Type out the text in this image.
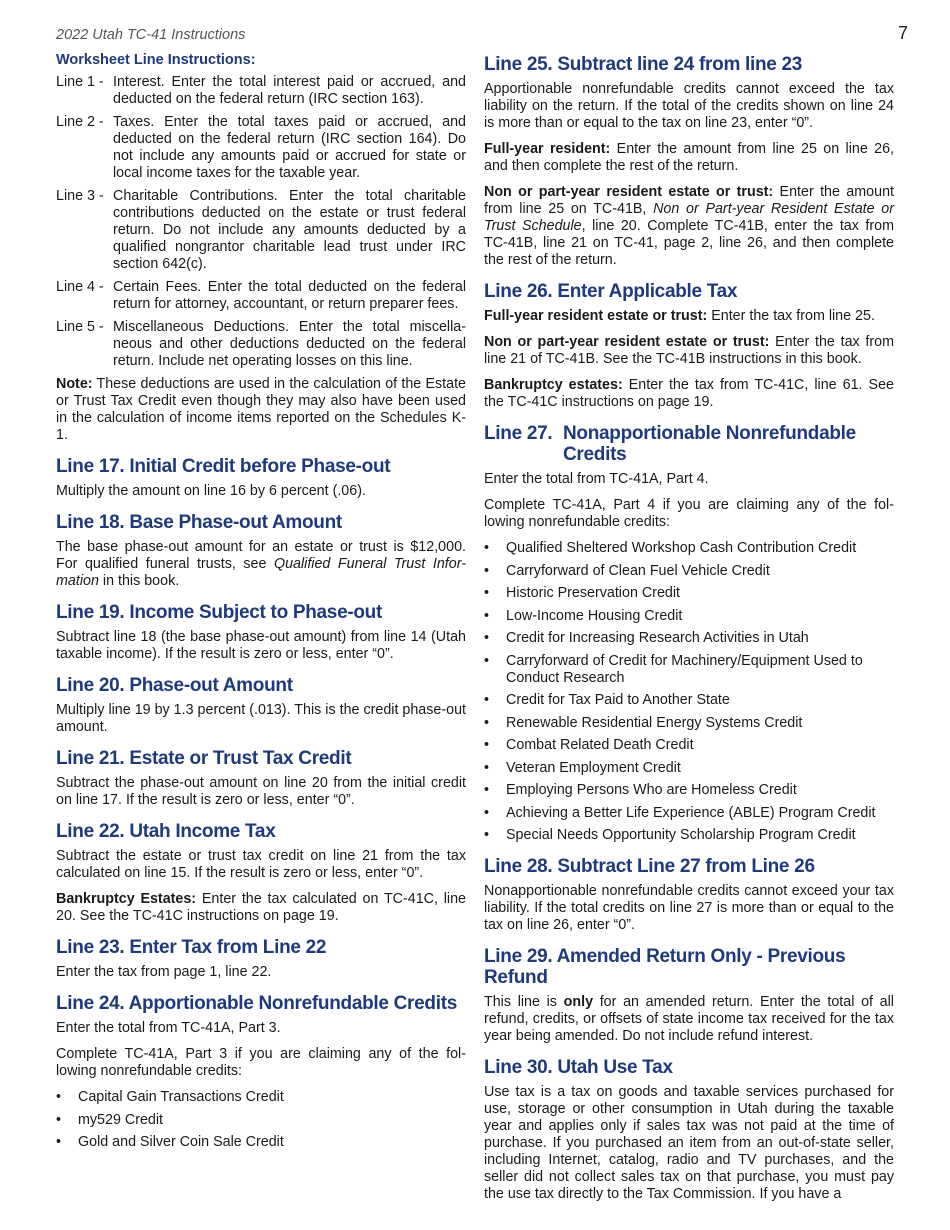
2022 Utah TC-41 Instructions	7
Worksheet Line Instructions:
Line 1 - Interest. Enter the total interest paid or accrued, and deducted on the federal return (IRC section 163).
Line 2 - Taxes. Enter the total taxes paid or accrued, and deducted on the federal return (IRC section 164). Do not include any amounts paid or accrued for state or local income taxes for the taxable year.
Line 3 - Charitable Contributions. Enter the total charitable contributions deducted on the estate or trust federal return. Do not include any amounts deducted by a qualified nongrantor charitable lead trust under IRC section 642(c).
Line 4 - Certain Fees. Enter the total deducted on the federal return for attorney, accountant, or return preparer fees.
Line 5 - Miscellaneous Deductions. Enter the total miscella-neous and other deductions deducted on the federal return. Include net operating losses on this line.

Note: These deductions are used in the calculation of the Estate or Trust Tax Credit even though they may also have been used in the calculation of income items reported on the Schedules K-1.

Line 17. Initial Credit before Phase-out

Multiply the amount on line 16 by 6 percent (.06).

Line 18. Base Phase-out Amount

The base phase-out amount for an estate or trust is $12,000. For qualified funeral trusts, see Qualified Funeral Trust Infor-mation in this book.

Line 19. Income Subject to Phase-out

Subtract line 18 (the base phase-out amount) from line 14 (Utah taxable income). If the result is zero or less, enter “0”.

Line 20. Phase-out Amount

Multiply line 19 by 1.3 percent (.013). This is the credit phase-out amount.

Line 21. Estate or Trust Tax Credit

Subtract the phase-out amount on line 20 from the initial credit on line 17. If the result is zero or less, enter “0”.

Line 22. Utah Income Tax

Subtract the estate or trust tax credit on line 21 from the tax calculated on line 15. If the result is zero or less, enter “0”.

Bankruptcy Estates: Enter the tax calculated on TC-41C, line 20. See the TC-41C instructions on page 19.

Line 23. Enter Tax from Line 22

Enter the tax from page 1, line 22.

Line 24. Apportionable Nonrefundable Credits

Enter the total from TC-41A, Part 3.

Complete TC-41A, Part 3 if you are claiming any of the fol-lowing nonrefundable credits:

•	Capital Gain Transactions Credit
•	my529 Credit
•	Gold and Silver Coin Sale Credit
Line 25. Subtract line 24 from line 23

Apportionable nonrefundable credits cannot exceed the tax liability on the return. If the total of the credits shown on line 24 is more than or equal to the tax on line 23, enter “0”.

Full-year resident: Enter the amount from line 25 on line 26, and then complete the rest of the return.

Non or part-year resident estate or trust: Enter the amount from line 25 on TC-41B, Non or Part-year Resident Estate or Trust Schedule, line 20. Complete TC-41B, enter the tax from TC-41B, line 21 on TC-41, page 2, line 26, and then complete the rest of the return.

Line 26. Enter Applicable Tax

Full-year resident estate or trust: Enter the tax from line 25.

Non or part-year resident estate or trust: Enter the tax from line 21 of TC-41B. See the TC-41B instructions in this book.

Bankruptcy estates: Enter the tax from TC-41C, line 61. See the TC-41C instructions on page 19.

Line 27. Nonapportionable Nonrefundable
Credits

Enter the total from TC-41A, Part 4.

Complete TC-41A, Part 4 if you are claiming any of the fol-lowing nonrefundable credits:

•	Qualified Sheltered Workshop Cash Contribution Credit
•	Carryforward of Clean Fuel Vehicle Credit
•	Historic Preservation Credit
•	Low-Income Housing Credit
•	Credit for Increasing Research Activities in Utah
•	Carryforward of Credit for Machinery/Equipment Used to Conduct Research
•	Credit for Tax Paid to Another State
•	Renewable Residential Energy Systems Credit
•	Combat Related Death Credit
•	Veteran Employment Credit
•	Employing Persons Who are Homeless Credit
•	Achieving a Better Life Experience (ABLE) Program Credit
•	Special Needs Opportunity Scholarship Program Credit
Line 28. Subtract Line 27 from Line 26

Nonapportionable nonrefundable credits cannot exceed your tax liability. If the total credits on line 27 is more than or equal to the tax on line 26, enter “0”.

Line 29. Amended Return Only - Previous Refund

This line is only for an amended return. Enter the total of all refund, credits, or offsets of state income tax received for the tax year being amended. Do not include refund interest.

Line 30. Utah Use Tax

Use tax is a tax on goods and taxable services purchased for use, storage or other consumption in Utah during the taxable year and applies only if sales tax was not paid at the time of purchase. If you purchased an item from an out-of-state seller, including Internet, catalog, radio and TV purchases, and the seller did not collect sales tax on that purchase, you must pay the use tax directly to the Tax Commission. If you have a
